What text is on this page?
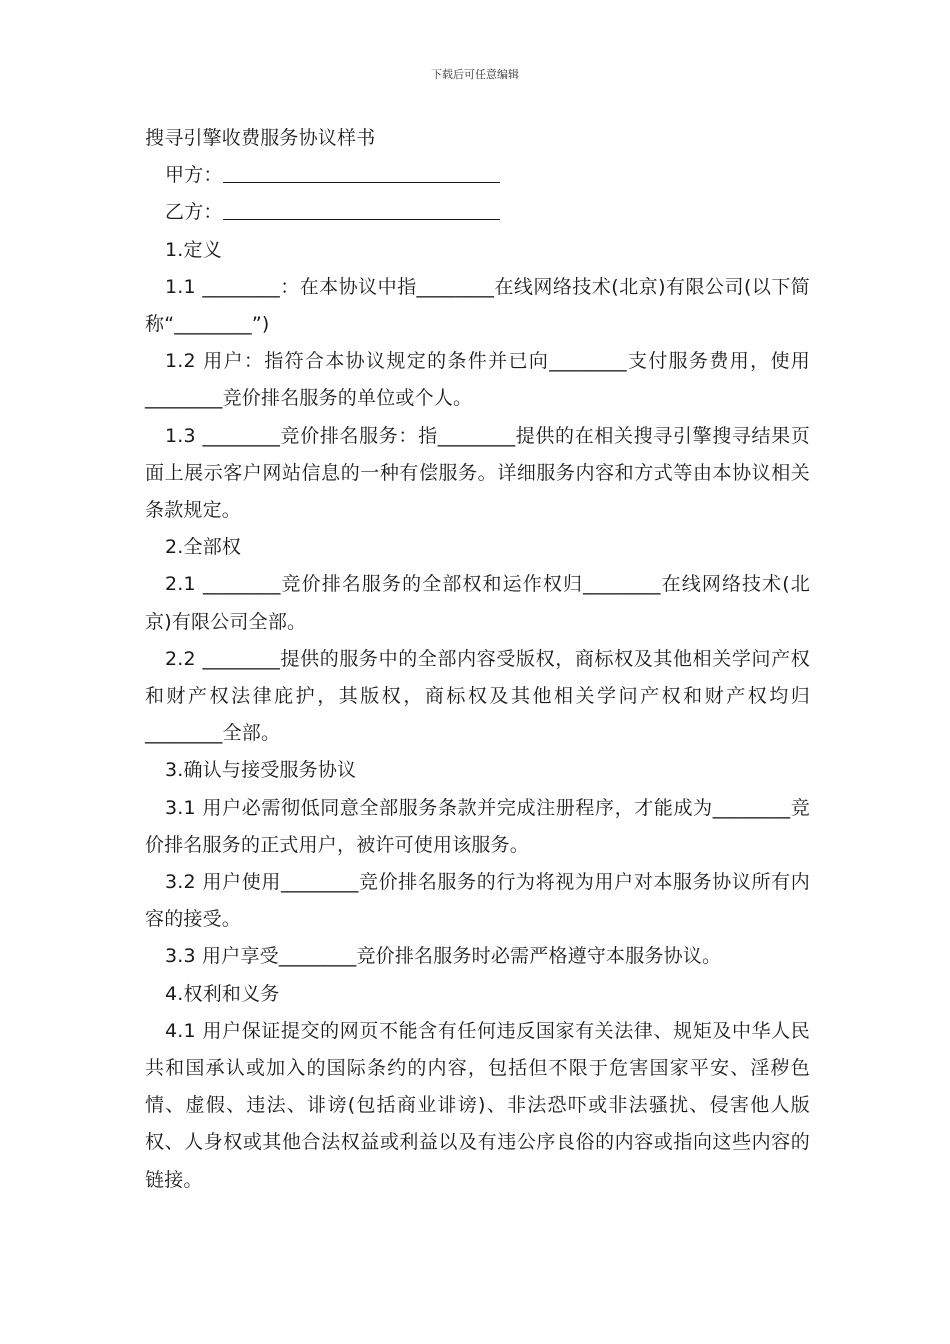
下载后可任意编辑

搜寻引擎收费服务协议样书

甲方：

乙方：

1.定义

1.1 ________：在本协议中指________在线网络技术(北京)有限公司(以下简称“________”)

1.2 用户：指符合本协议规定的条件并已向________支付服务费用，使用________竞价排名服务的单位或个人。

1.3 ________竞价排名服务：指________提供的在相关搜寻引擎搜寻结果页面上展示客户网站信息的一种有偿服务。详细服务内容和方式等由本协议相关条款规定。

2.全部权

2.1 ________竞价排名服务的全部权和运作权归________在线网络技术(北京)有限公司全部。

2.2 ________提供的服务中的全部内容受版权，商标权及其他相关学问产权和财产权法律庇护，其版权，商标权及其他相关学问产权和财产权均归________全部。

3.确认与接受服务协议

3.1 用户必需彻低同意全部服务条款并完成注册程序，才能成为________竞价排名服务的正式用户，被许可使用该服务。

3.2 用户使用________竞价排名服务的行为将视为用户对本服务协议所有内容的接受。

3.3 用户享受________竞价排名服务时必需严格遵守本服务协议。

4.权利和义务

4.1 用户保证提交的网页不能含有任何违反国家有关法律、规矩及中华人民共和国承认或加入的国际条约的内容，包括但不限于危害国家平安、淫秽色情、虚假、违法、诽谤(包括商业诽谤)、非法恐吓或非法骚扰、侵害他人版权、人身权或其他合法权益或利益以及有违公序良俗的内容或指向这些内容的链接。
